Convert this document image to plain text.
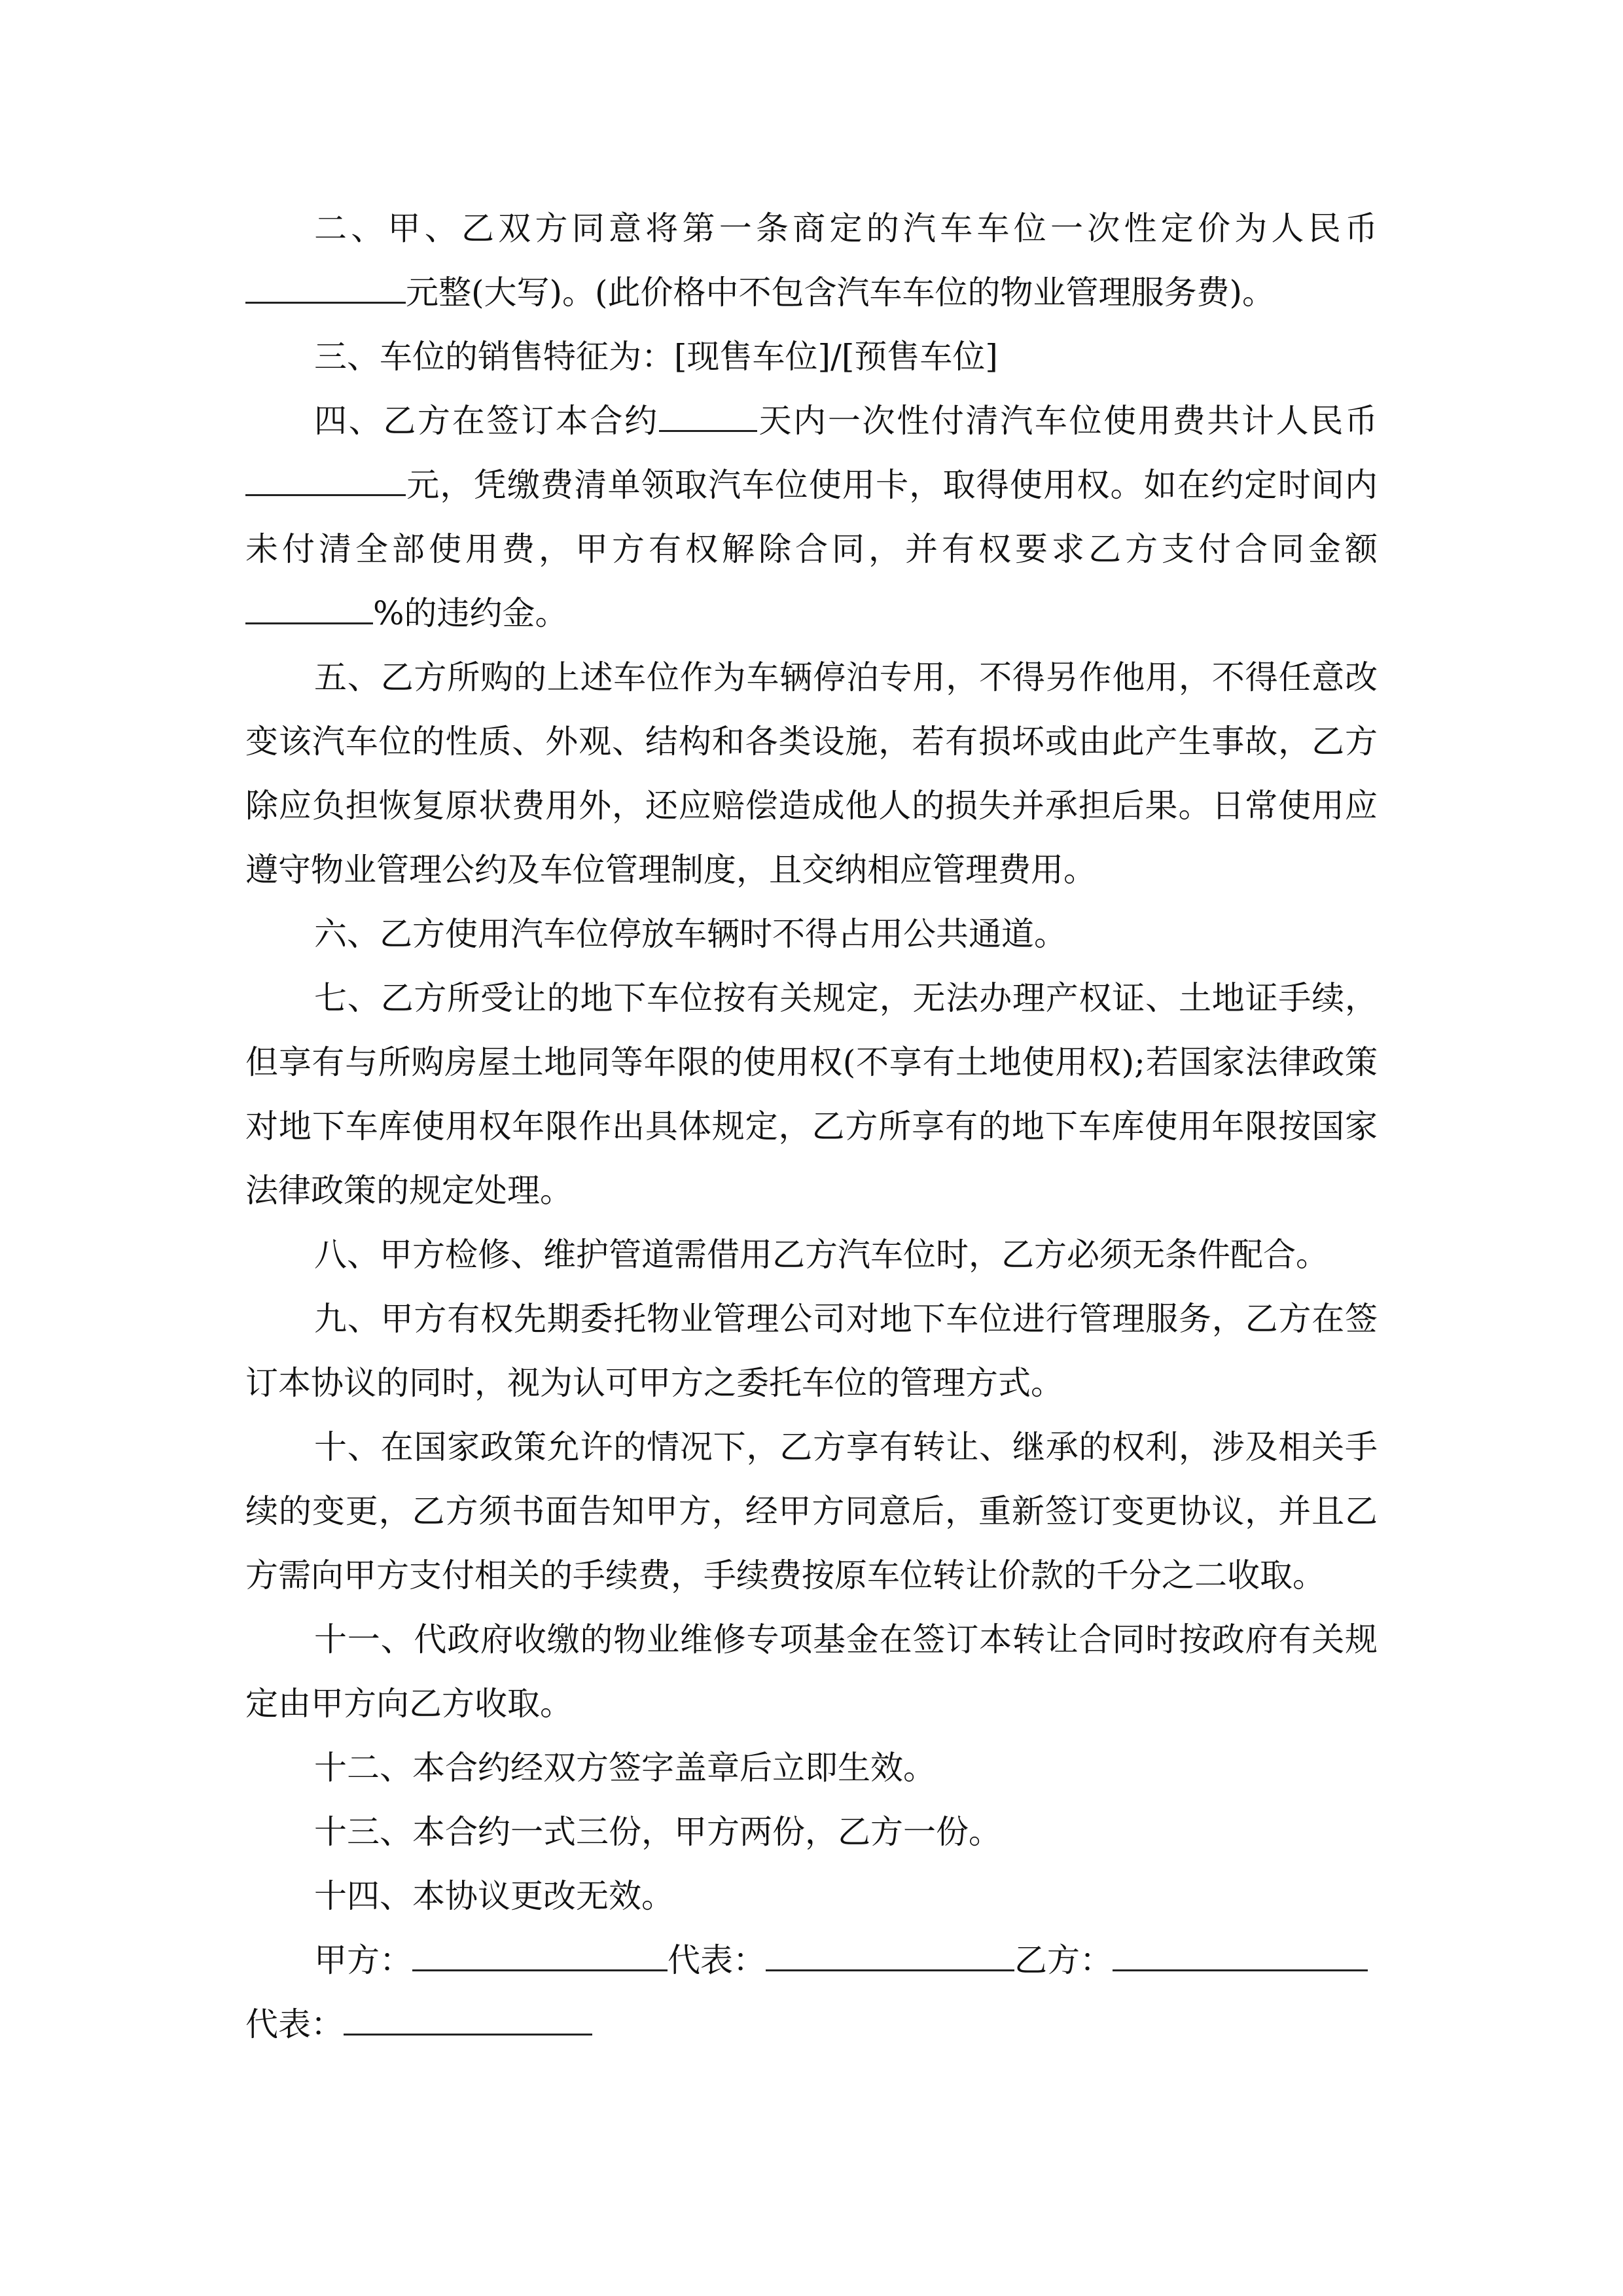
二、甲、乙双方同意将第一条商定的汽车车位一次性定价为人民币元整(大写)。(此价格中不包含汽车车位的物业管理服务费)。

三、车位的销售特征为：[现售车位]/[预售车位]

四、乙方在签订本合约	天内一次性付清汽车位使用费共计人民币元，凭缴费清单领取汽车位使用卡，取得使用权。如在约定时间内未付清全部使用费，甲方有权解除合同，并有权要求乙方支付合同金额%的违约金。

五、乙方所购的上述车位作为车辆停泊专用，不得另作他用，不得任意改变该汽车位的性质、外观、结构和各类设施，若有损坏或由此产生事故，乙方除应负担恢复原状费用外，还应赔偿造成他人的损失并承担后果。日常使用应遵守物业管理公约及车位管理制度，且交纳相应管理费用。

六、乙方使用汽车位停放车辆时不得占用公共通道。

七、乙方所受让的地下车位按有关规定，无法办理产权证、土地证手续，但享有与所购房屋土地同等年限的使用权(不享有土地使用权);若国家法律政策对地下车库使用权年限作出具体规定，乙方所享有的地下车库使用年限按国家法律政策的规定处理。

八、甲方检修、维护管道需借用乙方汽车位时，乙方必须无条件配合。

九、甲方有权先期委托物业管理公司对地下车位进行管理服务，乙方在签订本协议的同时，视为认可甲方之委托车位的管理方式。

十、在国家政策允许的情况下，乙方享有转让、继承的权利，涉及相关手续的变更，乙方须书面告知甲方，经甲方同意后，重新签订变更协议，并且乙方需向甲方支付相关的手续费，手续费按原车位转让价款的千分之二收取。

十一、代政府收缴的物业维修专项基金在签订本转让合同时按政府有关规定由甲方向乙方收取。

十二、本合约经双方签字盖章后立即生效。

十三、本合约一式三份，甲方两份，乙方一份。

十四、本协议更改无效。

甲方：	代表：	乙方：

代表：
